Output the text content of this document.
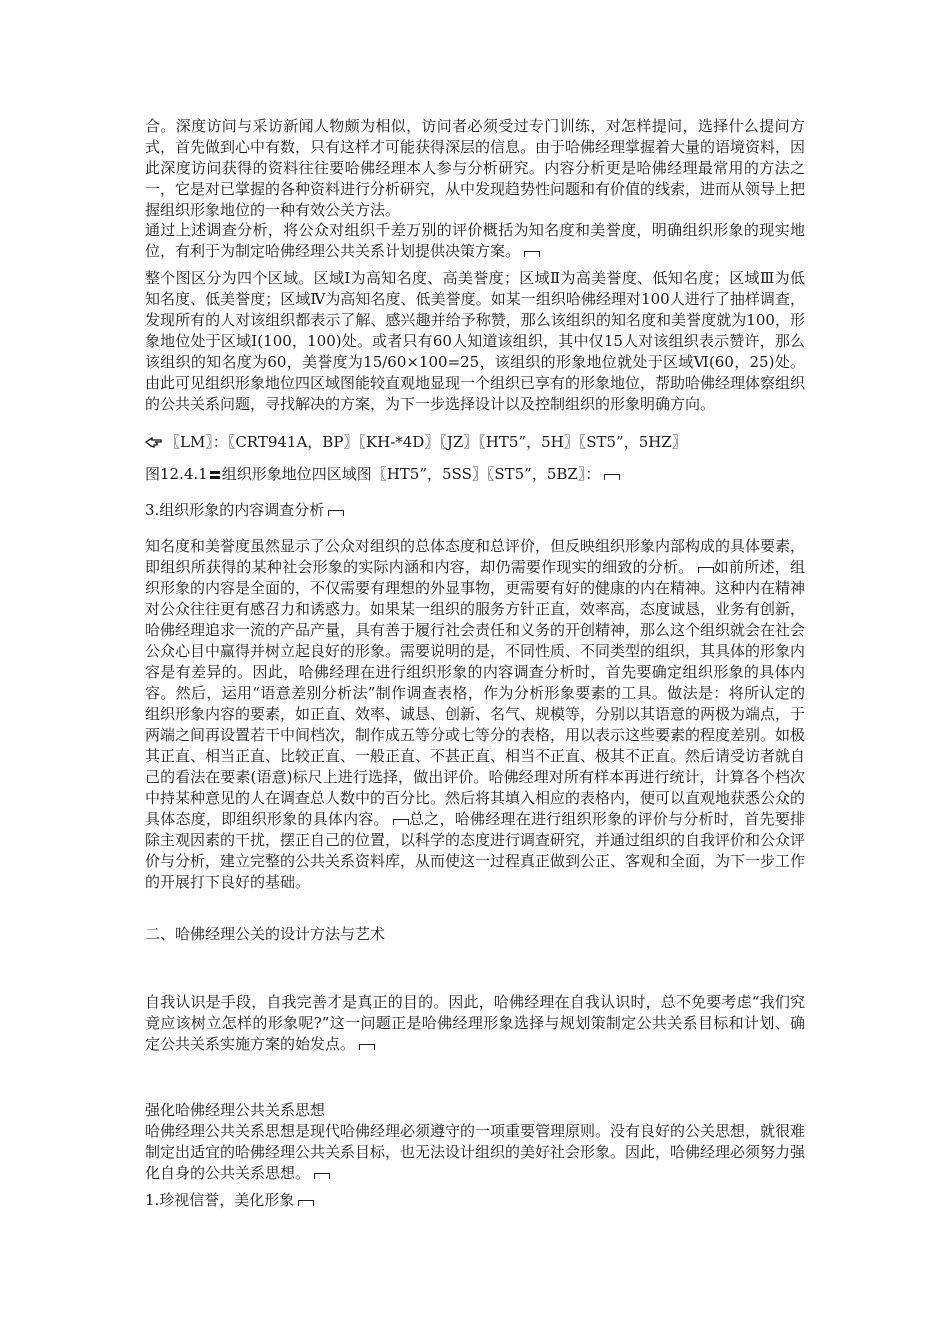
合。深度访问与采访新闻人物颇为相似，访问者必须受过专门训练，对怎样提问，选择什么提问方式，首先做到心中有数，只有这样才可能获得深层的信息。由于哈佛经理掌握着大量的语境资料，因此深度访问获得的资料往往要哈佛经理本人参与分析研究。内容分析更是哈佛经理最常用的方法之一，它是对已掌握的各种资料进行分析研究，从中发现趋势性问题和有价值的线索，进而从领导上把握组织形象地位的一种有效公关方法。

通过上述调查分析，将公众对组织千差万别的评价概括为知名度和美誉度，明确组织形象的现实地位，有利于为制定哈佛经理公共关系计划提供决策方案。

整个图区分为四个区域。区域Ⅰ为高知名度、高美誉度；区域Ⅱ为高美誉度、低知名度；区域Ⅲ为低知名度、低美誉度；区域Ⅳ为高知名度、低美誉度。如某一组织哈佛经理对100人进行了抽样调查，发现所有的人对该组织都表示了解、感兴趣并给予称赞，那么该组织的知名度和美誉度就为100，形象地位处于区域Ⅰ(100，100)处。或者只有60人知道该组织，其中仅15人对该组织表示赞许，那么该组织的知名度为60，美誉度为15/60×100=25，该组织的形象地位就处于区域Ⅵ(60，25)处。由此可见组织形象地位四区域图能较直观地显现一个组织已享有的形象地位，帮助哈佛经理体察组织的公共关系问题，寻找解决的方案，为下一步选择设计以及控制组织的形象明确方向。

〖LM〗：〖CRT941A，BP〗〖KH-*4D〗〖JZ〗〖HT5”，5H〗〖ST5”，5HZ〗

图12.4.1 组织形象地位四区域图〖HT5”，5SS〗〖ST5”，5BZ〗：

3.组织形象的内容调查分析

知名度和美誉度虽然显示了公众对组织的总体态度和总评价，但反映组织形象内部构成的具体要素，即组织所获得的某种社会形象的实际内涵和内容，却仍需要作现实的细致的分析。 如前所述，组织形象的内容是全面的，不仅需要有理想的外显事物，更需要有好的健康的内在精神。这种内在精神对公众往往更有感召力和诱惑力。如果某一组织的服务方针正直，效率高，态度诚恳，业务有创新，哈佛经理追求一流的产品产量，具有善于履行社会责任和义务的开创精神，那么这个组织就会在社会公众心目中赢得并树立起良好的形象。需要说明的是，不同性质、不同类型的组织，其具体的形象内容是有差异的。因此，哈佛经理在进行组织形象的内容调查分析时，首先要确定组织形象的具体内容。然后，运用“语意差别分析法”制作调查表格，作为分析形象要素的工具。做法是：将所认定的组织形象内容的要素，如正直、效率、诚恳、创新、名气、规模等，分别以其语意的两极为端点，于两端之间再设置若干中间档次，制作成五等分或七等分的表格，用以表示这些要素的程度差别。如极其正直、相当正直、比较正直、一般正直、不甚正直、相当不正直、极其不正直。然后请受访者就自己的看法在要素(语意)标尺上进行选择，做出评价。哈佛经理对所有样本再进行统计，计算各个档次中持某种意见的人在调查总人数中的百分比。然后将其填入相应的表格内，便可以直观地获悉公众的具体态度，即组织形象的具体内容。 总之，哈佛经理在进行组织形象的评价与分析时，首先要排除主观因素的干扰，摆正自己的位置，以科学的态度进行调查研究，并通过组织的自我评价和公众评价与分析，建立完整的公共关系资料库，从而使这一过程真正做到公正、客观和全面，为下一步工作的开展打下良好的基础。

二、哈佛经理公关的设计方法与艺术

自我认识是手段，自我完善才是真正的目的。因此，哈佛经理在自我认识时，总不免要考虑“我们究竟应该树立怎样的形象呢?”这一问题正是哈佛经理形象选择与规划策制定公共关系目标和计划、确定公共关系实施方案的始发点。

强化哈佛经理公共关系思想
哈佛经理公共关系思想是现代哈佛经理必须遵守的一项重要管理原则。没有良好的公关思想，就很难制定出适宜的哈佛经理公共关系目标，也无法设计组织的美好社会形象。因此，哈佛经理必须努力强化自身的公共关系思想。

1.珍视信誉，美化形象
